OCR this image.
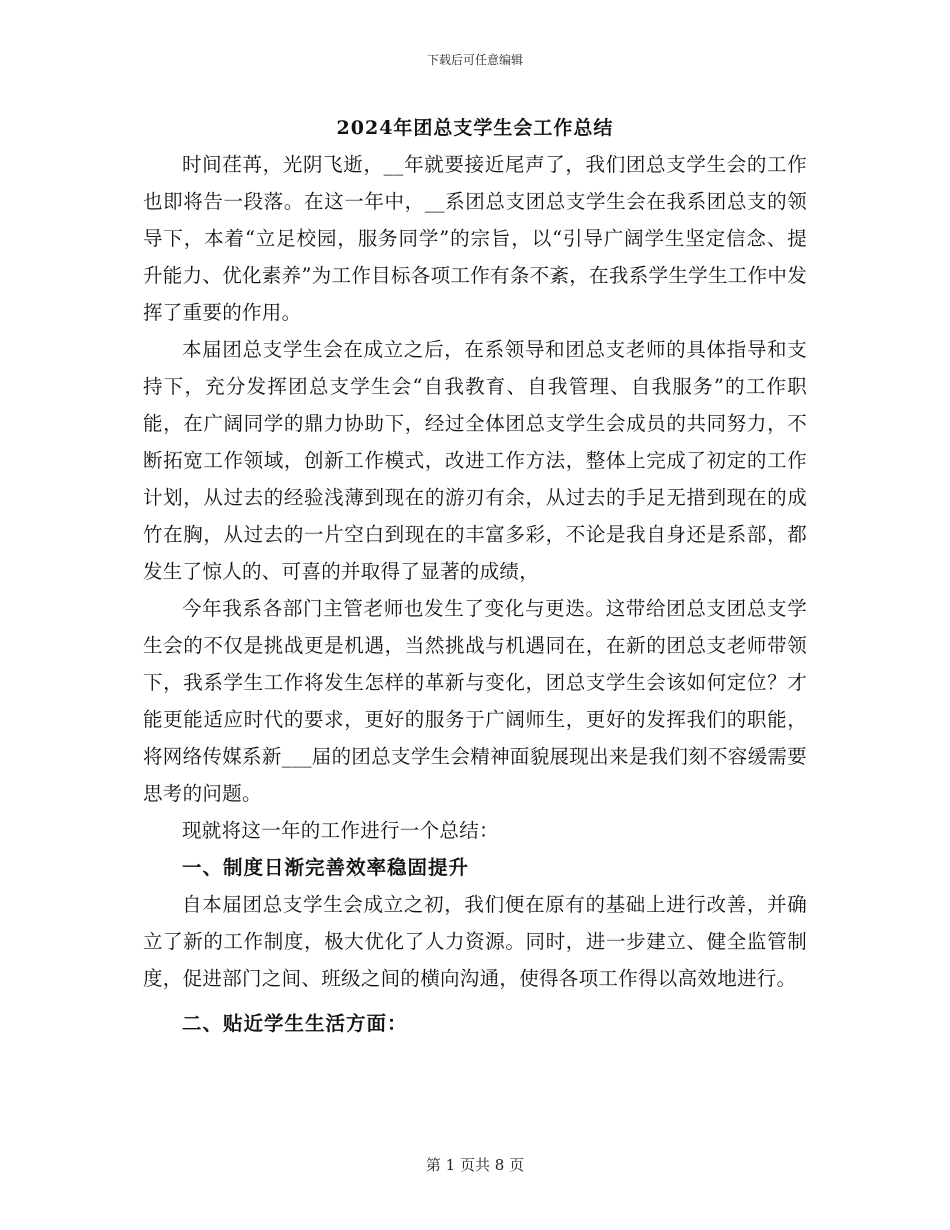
下载后可任意编辑
2024年团总支学生会工作总结

时间荏苒，光阴飞逝，__年就要接近尾声了，我们团总支学生会的工作也即将告一段落。在这一年中，__系团总支团总支学生会在我系团总支的领导下，本着“立足校园，服务同学”的宗旨，以“引导广阔学生坚定信念、提升能力、优化素养”为工作目标各项工作有条不紊，在我系学生学生工作中发挥了重要的作用。

本届团总支学生会在成立之后，在系领导和团总支老师的具体指导和支持下，充分发挥团总支学生会“自我教育、自我管理、自我服务”的工作职能，在广阔同学的鼎力协助下，经过全体团总支学生会成员的共同努力，不断拓宽工作领域，创新工作模式，改进工作方法，整体上完成了初定的工作计划，从过去的经验浅薄到现在的游刃有余，从过去的手足无措到现在的成竹在胸，从过去的一片空白到现在的丰富多彩，不论是我自身还是系部，都发生了惊人的、可喜的并取得了显著的成绩，

今年我系各部门主管老师也发生了变化与更迭。这带给团总支团总支学生会的不仅是挑战更是机遇，当然挑战与机遇同在，在新的团总支老师带领下，我系学生工作将发生怎样的革新与变化，团总支学生会该如何定位？才能更能适应时代的要求，更好的服务于广阔师生，更好的发挥我们的职能，将网络传媒系新___届的团总支学生会精神面貌展现出来是我们刻不容缓需要思考的问题。

现就将这一年的工作进行一个总结：

一、制度日渐完善效率稳固提升

自本届团总支学生会成立之初，我们便在原有的基础上进行改善，并确立了新的工作制度，极大优化了人力资源。同时，进一步建立、健全监管制度，促进部门之间、班级之间的横向沟通，使得各项工作得以高效地进行。

二、贴近学生生活方面：

第 1 页共 8 页
